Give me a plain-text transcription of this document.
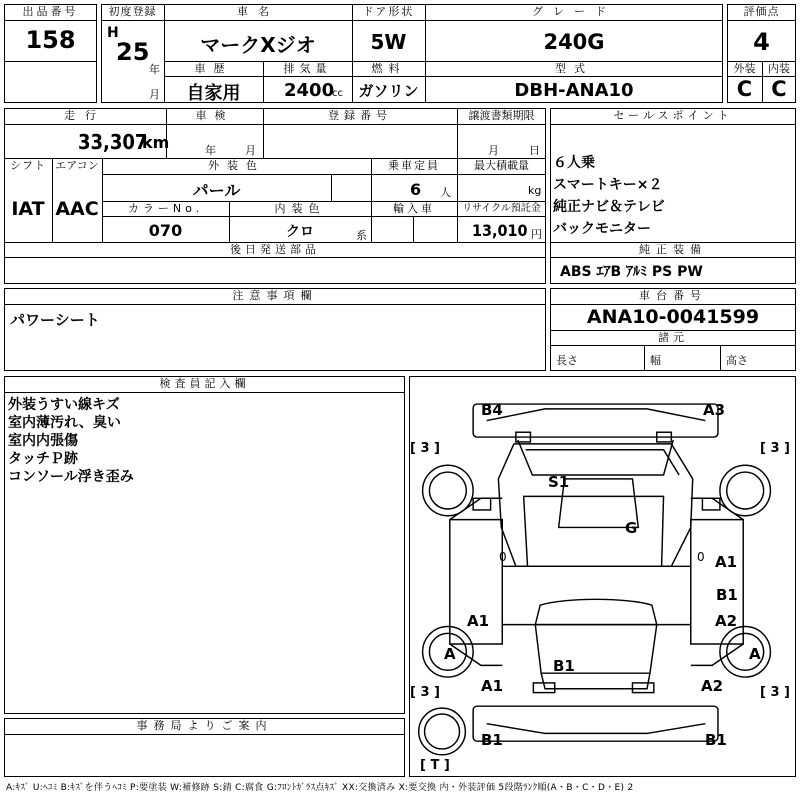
出品番号
158
初度登録
H
25
年
月
車名
マークXジオ
ドア形状
5W
グレード
240G
車歴
自家用
排気量
2400
cc
燃料
ガソリン
型式
DBH-ANA10
評価点
4
外装	内装
C C
走行
33,307
km
車検
年	月
登録番号	譲渡書類期限
月	日
シフト
IAT
エアコン
AAC
外装色
パール
乗車定員
6 人
最大積載量
kg
カラーNo.
070
内装色
クロ	系
輸入車	リサイクル預託金
13,010 円
後日発送部品
セールスポイント
６人乗
スマートキー×２
純正ナビ＆テレビ
バックモニター
純正装備
ABS ｴｱB ｱﾙﾐ PS PW
注意事項欄
パワーシート
車台番号
ANA10-0041599
諸元
長さ	幅	高さ
検査員記入欄
外装うすい線キズ
室内薄汚れ、臭い
室内内張傷
タッチＰ跡
コンソール浮き歪み
事務局よりご案内
B4	A3
S1
G
A1
B1
A2
A1
A	A
B1
A1	A2
B1	B1
[ 3 ]	[ 3 ]
[ 3 ]	[ 3 ]
[ T ]
0	0
A:ｷｽﾞ U:ﾍｺﾐ B:ｷｽﾞを伴うﾍｺﾐ P:要塗装 W:補修跡 S:錆 C:腐食 G:ﾌﾛﾝﾄｶﾞﾗｽ点ｷｽﾞ XX:交換済み X:要交換 内・外装評価 5段階ﾗﾝｸ順(A・B・C・D・E) 2
